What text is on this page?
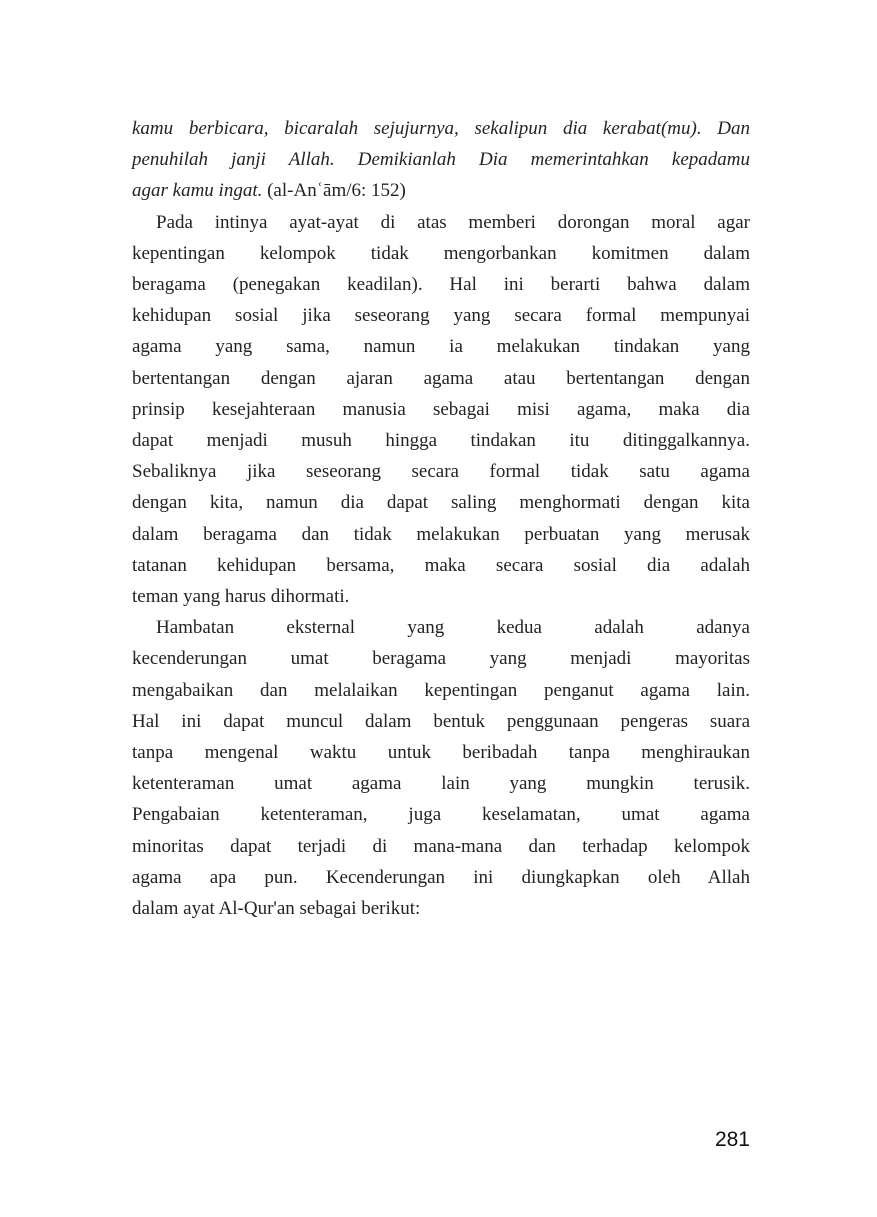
kamu berbicara, bicaralah sejujurnya, sekalipun dia kerabat(mu). Dan
penuhilah janji Allah. Demikianlah Dia memerintahkan kepadamu
agar kamu ingat. (al-Anʿām/6: 152)
Pada intinya ayat-ayat di atas memberi dorongan moral agar
kepentingan kelompok tidak mengorbankan komitmen dalam
beragama (penegakan keadilan). Hal ini berarti bahwa dalam
kehidupan sosial jika seseorang yang secara formal mempunyai
agama yang sama, namun ia melakukan tindakan yang
bertentangan dengan ajaran agama atau bertentangan dengan
prinsip kesejahteraan manusia sebagai misi agama, maka dia
dapat menjadi musuh hingga tindakan itu ditinggalkannya.
Sebaliknya jika seseorang secara formal tidak satu agama
dengan kita, namun dia dapat saling menghormati dengan kita
dalam beragama dan tidak melakukan perbuatan yang merusak
tatanan kehidupan bersama, maka secara sosial dia adalah
teman yang harus dihormati.
Hambatan eksternal yang kedua adalah adanya
kecenderungan umat beragama yang menjadi mayoritas
mengabaikan dan melalaikan kepentingan penganut agama lain.
Hal ini dapat muncul dalam bentuk penggunaan pengeras suara
tanpa mengenal waktu untuk beribadah tanpa menghiraukan
ketenteraman umat agama lain yang mungkin terusik.
Pengabaian ketenteraman, juga keselamatan, umat agama
minoritas dapat terjadi di mana-mana dan terhadap kelompok
agama apa pun. Kecenderungan ini diungkapkan oleh Allah
dalam ayat Al-Qur'an sebagai berikut:
281
